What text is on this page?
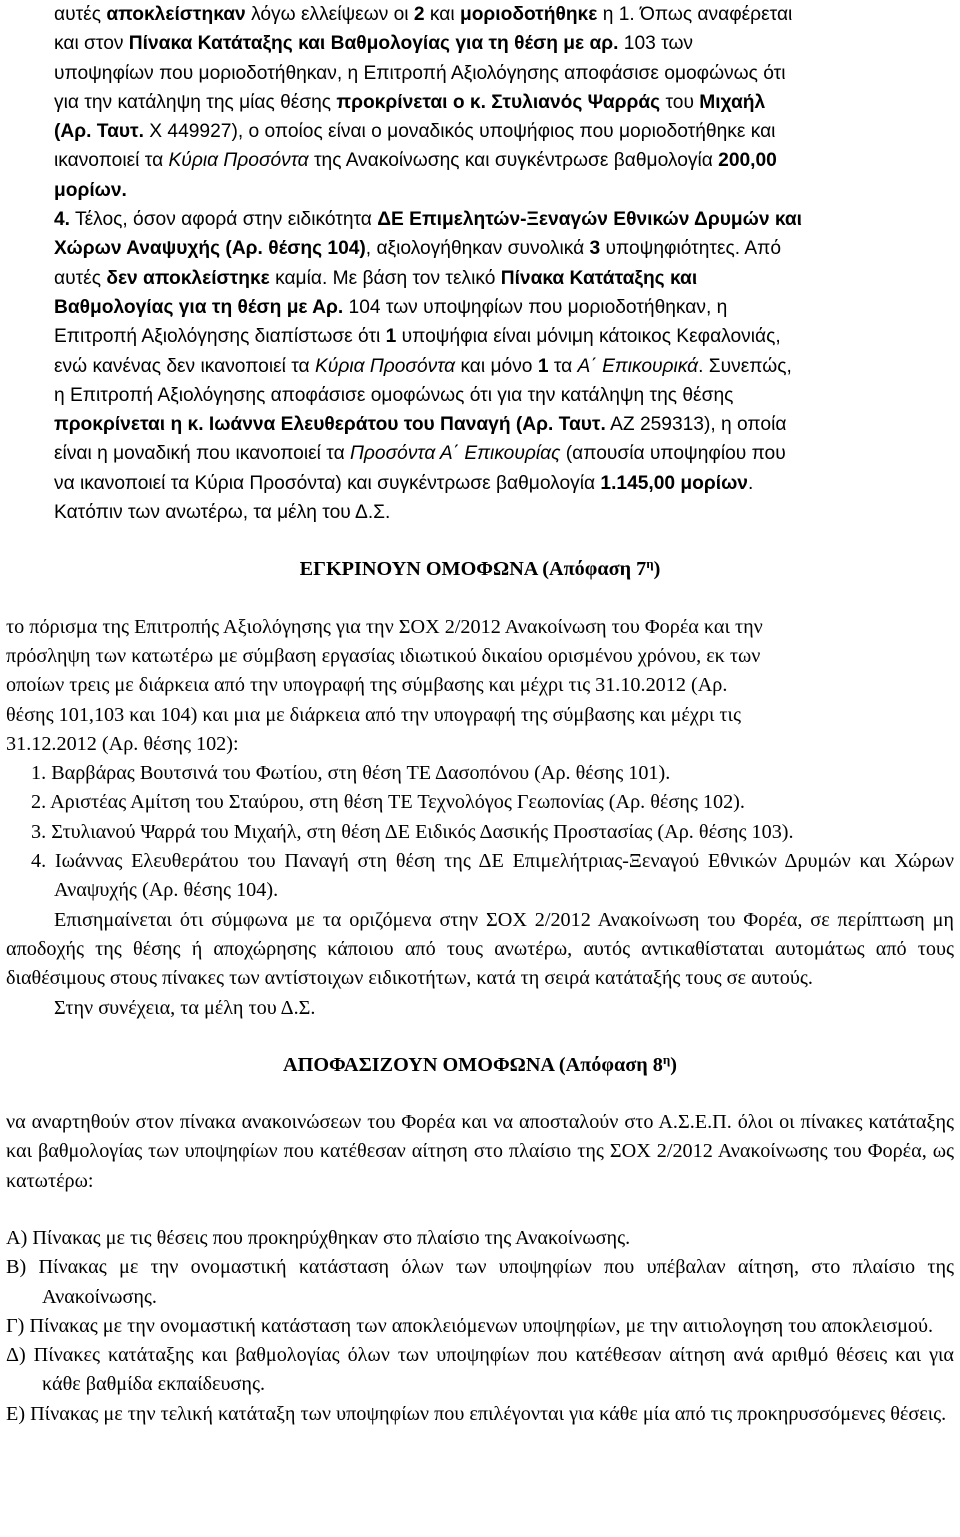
αυτές αποκλείστηκαν λόγω ελλείψεων οι 2 και μοριοδοτήθηκε η 1. Όπως αναφέρεται

και στον Πίνακα Κατάταξης και Βαθμολογίας για τη θέση με αρ. 103 των

υποψηφίων που μοριοδοτήθηκαν, η Επιτροπή Αξιολόγησης αποφάσισε ομοφώνως ότι

για την κατάληψη της μίας θέσης προκρίνεται ο κ. Στυλιανός Ψαρράς του Μιχαήλ

(Αρ. Ταυτ. Χ 449927), ο οποίος είναι ο μοναδικός υποψήφιος που μοριοδοτήθηκε και

ικανοποιεί τα Κύρια Προσόντα της Ανακοίνωσης και συγκέντρωσε βαθμολογία 200,00

μορίων.

4. Τέλος, όσον αφορά στην ειδικότητα ΔΕ Επιμελητών-Ξεναγών Εθνικών Δρυμών και

Χώρων Αναψυχής (Αρ. θέσης 104), αξιολογήθηκαν συνολικά 3 υποψηφιότητες. Από

αυτές δεν αποκλείστηκε καμία. Με βάση τον τελικό Πίνακα Κατάταξης και

Βαθμολογίας για τη θέση με Αρ. 104 των υποψηφίων που μοριοδοτήθηκαν, η

Επιτροπή Αξιολόγησης διαπίστωσε ότι 1 υποψήφια είναι μόνιμη κάτοικος Κεφαλονιάς,

ενώ κανένας δεν ικανοποιεί τα Κύρια Προσόντα και μόνο 1 τα Α΄ Επικουρικά. Συνεπώς,

η Επιτροπή Αξιολόγησης αποφάσισε ομοφώνως ότι για την κατάληψη της θέσης

προκρίνεται η κ. Ιωάννα Ελευθεράτου του Παναγή (Αρ. Ταυτ. ΑΖ 259313), η οποία

είναι η μοναδική που ικανοποιεί τα Προσόντα Α΄ Επικουρίας (απουσία υποψηφίου που

να ικανοποιεί τα Κύρια Προσόντα) και συγκέντρωσε βαθμολογία 1.145,00 μορίων.

Κατόπιν των ανωτέρω, τα μέλη του Δ.Σ.

ΕΓΚΡΙΝΟΥΝ ΟΜΟΦΩΝΑ (Απόφαση $7^\eta$)

το πόρισμα της Επιτροπής Αξιολόγησης για την ΣΟΧ 2/2012 Ανακοίνωση του Φορέα και την

πρόσληψη των κατωτέρω με σύμβαση εργασίας ιδιωτικού δικαίου ορισμένου χρόνου, εκ των

οποίων τρεις με διάρκεια από την υπογραφή της σύμβασης και μέχρι τις 31.10.2012 (Αρ.

θέσης 101,103 και 104) και μια με διάρκεια από την υπογραφή της σύμβασης και μέχρι τις

31.12.2012 (Αρ. θέσης 102):

1. Βαρβάρας Βουτσινά του Φωτίου, στη θέση ΤΕ Δασοπόνου (Αρ. θέσης 101).

2. Αριστέας Αμίτση του Σταύρου, στη θέση ΤΕ Τεχνολόγος Γεωπονίας (Αρ. θέσης 102).

3. Στυλιανού Ψαρρά του Μιχαήλ, στη θέση ΔΕ Ειδικός Δασικής Προστασίας (Αρ. θέσης 103).

4. Ιωάννας Ελευθεράτου του Παναγή στη θέση της ΔΕ Επιμελήτριας-Ξεναγού Εθνικών Δρυμών και Χώρων Αναψυχής (Αρ. θέσης 104).

Επισημαίνεται ότι σύμφωνα με τα οριζόμενα στην ΣΟΧ 2/2012 Ανακοίνωση του Φορέα, σε περίπτωση μη αποδοχής της θέσης ή αποχώρησης κάποιου από τους ανωτέρω, αυτός αντικαθίσταται αυτομάτως από τους διαθέσιμους στους πίνακες των αντίστοιχων ειδικοτήτων, κατά τη σειρά κατάταξής τους σε αυτούς.

Στην συνέχεια, τα μέλη του Δ.Σ.

ΑΠΟΦΑΣΙΖΟΥΝ ΟΜΟΦΩΝΑ (Απόφαση $8^\eta$)

να αναρτηθούν στον πίνακα ανακοινώσεων του Φορέα και να αποσταλούν στο Α.Σ.Ε.Π. όλοι οι πίνακες κατάταξης και βαθμολογίας των υποψηφίων που κατέθεσαν αίτηση στο πλαίσιο της ΣΟΧ 2/2012 Ανακοίνωσης του Φορέα, ως κατωτέρω:

Α) Πίνακας με τις θέσεις που προκηρύχθηκαν στο πλαίσιο της Ανακοίνωσης.

Β) Πίνακας με την ονομαστική κατάσταση όλων των υποψηφίων που υπέβαλαν αίτηση, στο πλαίσιο της Ανακοίνωσης.

Γ) Πίνακας με την ονομαστική κατάσταση των αποκλειόμενων υποψηφίων, με την αιτιολογηση του αποκλεισμού.

Δ) Πίνακες κατάταξης και βαθμολογίας όλων των υποψηφίων που κατέθεσαν αίτηση ανά αριθμό θέσεις και για κάθε βαθμίδα εκπαίδευσης.

Ε) Πίνακας με την τελική κατάταξη των υποψηφίων που επιλέγονται για κάθε μία από τις προκηρυσσόμενες θέσεις.
